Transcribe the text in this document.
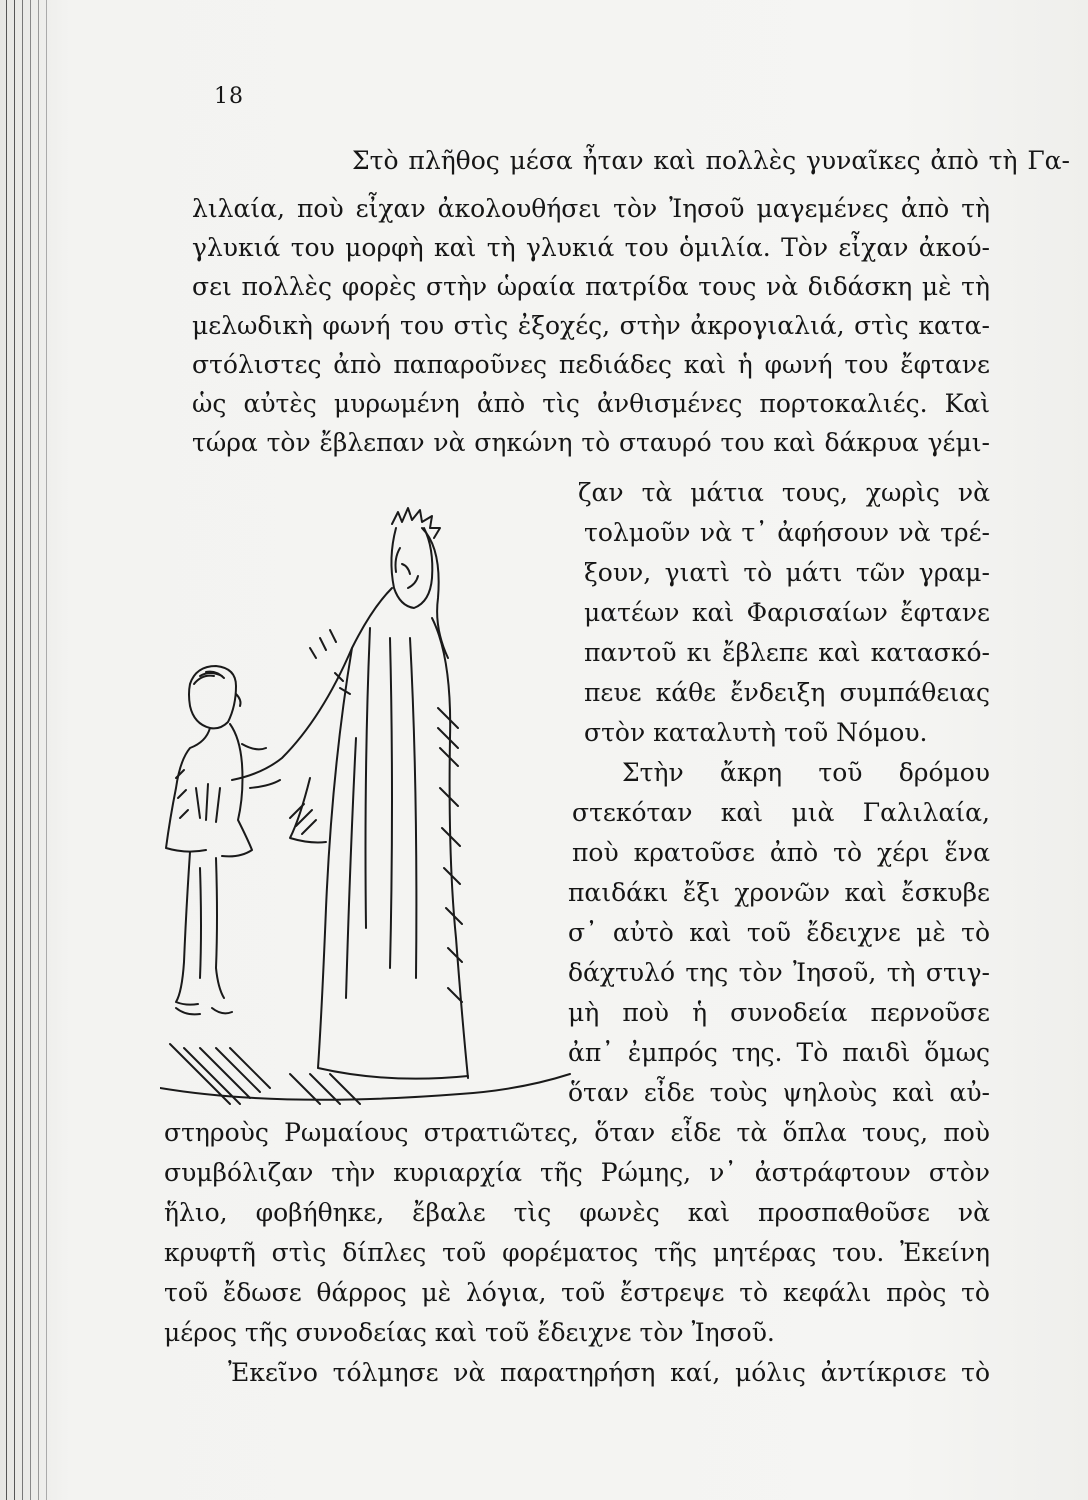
18
Στὸ πλῆθος μέσα ἦταν καὶ πολλὲς γυναῖκες ἀπὸ τὴ Γα-
λιλαία, ποὺ εἶχαν ἀκολουθήσει τὸν Ἰησοῦ μαγεμένες ἀπὸ τὴ
γλυκιά του μορφὴ καὶ τὴ γλυκιά του ὁμιλία. Τὸν εἶχαν ἀκού-
σει πολλὲς φορὲς στὴν ὡραία πατρίδα τους νὰ διδάσκη μὲ τὴ
μελωδικὴ φωνή του στὶς ἐξοχές, στὴν ἀκρογιαλιά, στὶς κατα-
στόλιστες ἀπὸ παπαροῦνες πεδιάδες καὶ ἡ φωνή του ἔφτανε
ὡς αὐτὲς μυρωμένη ἀπὸ τὶς ἀνθισμένες πορτοκαλιές. Καὶ
τώρα τὸν ἔβλεπαν νὰ σηκώνη τὸ σταυρό του καὶ δάκρυα γέμι-
ζαν τὰ μάτια τους, χωρὶς νὰ
τολμοῦν νὰ τ᾿ ἀφήσουν νὰ τρέ-
ξουν, γιατὶ τὸ μάτι τῶν γραμ-
ματέων καὶ Φαρισαίων ἔφτανε
παντοῦ κι ἔβλεπε καὶ κατασκό-
πευε κάθε ἔνδειξη συμπάθειας
στὸν καταλυτὴ τοῦ Νόμου.
Στὴν ἄκρη τοῦ δρόμου
στεκόταν καὶ μιὰ Γαλιλαία,
ποὺ κρατοῦσε ἀπὸ τὸ χέρι ἕνα
παιδάκι ἔξι χρονῶν καὶ ἔσκυβε
σ᾿ αὐτὸ καὶ τοῦ ἔδειχνε μὲ τὸ
δάχτυλό της τὸν Ἰησοῦ, τὴ στιγ-
μὴ ποὺ ἡ συνοδεία περνοῦσε
ἀπ᾿ ἐμπρός της. Τὸ παιδὶ ὅμως
ὅταν εἶδε τοὺς ψηλοὺς καὶ αὐ-
στηροὺς Ρωμαίους στρατιῶτες, ὅταν εἶδε τὰ ὅπλα τους, ποὺ
συμβόλιζαν τὴν κυριαρχία τῆς Ρώμης, ν᾿ ἀστράφτουν στὸν
ἥλιο, φοβήθηκε, ἔβαλε τὶς φωνὲς καὶ προσπαθοῦσε νὰ
κρυφτῆ στὶς δίπλες τοῦ φορέματος τῆς μητέρας του. Ἐκείνη
τοῦ ἔδωσε θάρρος μὲ λόγια, τοῦ ἔστρεψε τὸ κεφάλι πρὸς τὸ
μέρος τῆς συνοδείας καὶ τοῦ ἔδειχνε τὸν Ἰησοῦ.
Ἐκεῖνο τόλμησε νὰ παρατηρήση καί, μόλις ἀντίκρισε τὸ
